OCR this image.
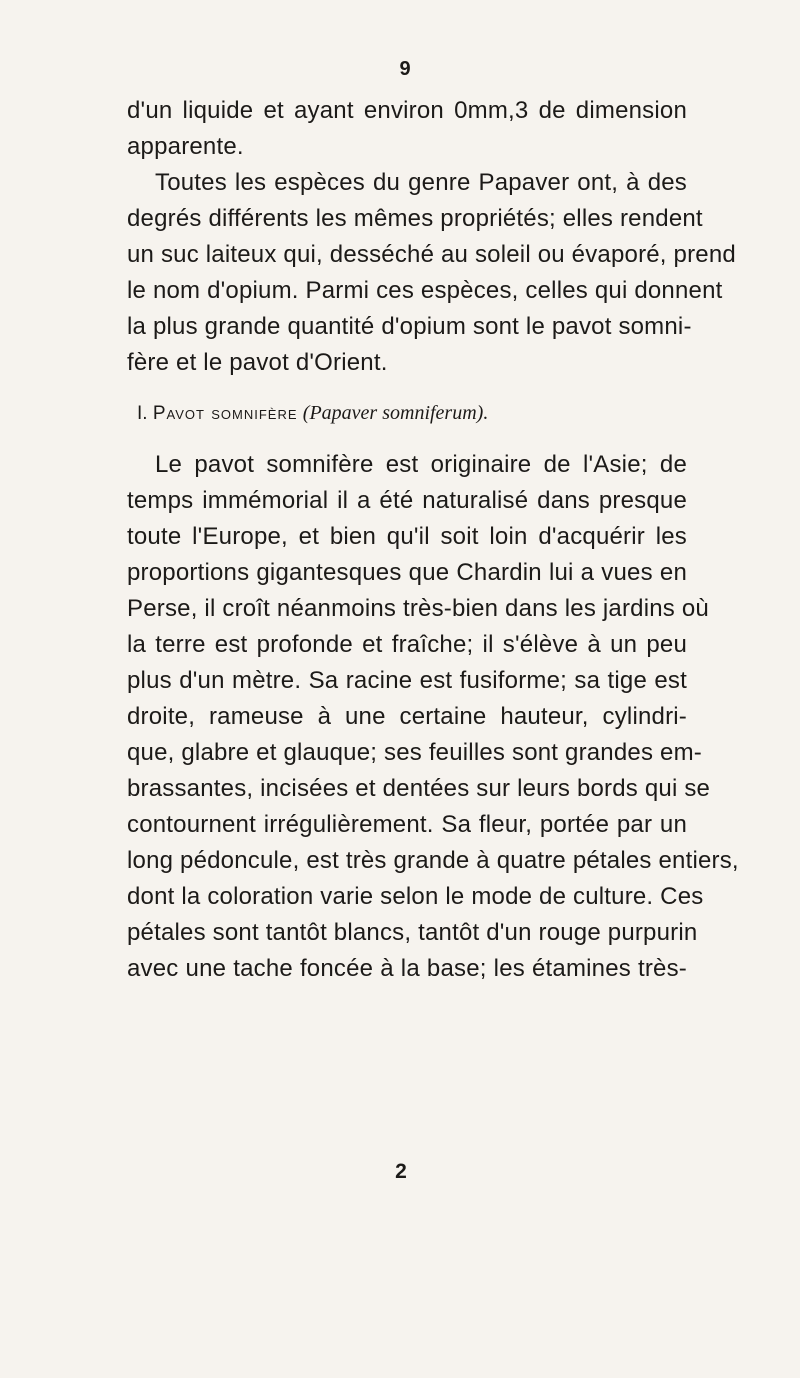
9
d'un liquide et ayant environ 0mm,3 de dimension
apparente.
Toutes les espèces du genre Papaver ont, à des
degrés différents les mêmes propriétés; elles rendent
un suc laiteux qui, desséché au soleil ou évaporé, prend
le nom d'opium. Parmi ces espèces, celles qui donnent
la plus grande quantité d'opium sont le pavot somni-
fère et le pavot d'Orient.
I. Pavot somnifère (Papaver somniferum).
Le pavot somnifère est originaire de l'Asie; de
temps immémorial il a été naturalisé dans presque
toute l'Europe, et bien qu'il soit loin d'acquérir les
proportions gigantesques que Chardin lui a vues en
Perse, il croît néanmoins très-bien dans les jardins où
la terre est profonde et fraîche; il s'élève à un peu
plus d'un mètre. Sa racine est fusiforme; sa tige est
droite, rameuse à une certaine hauteur, cylindri-
que, glabre et glauque; ses feuilles sont grandes em-
brassantes, incisées et dentées sur leurs bords qui se
contournent irrégulièrement. Sa fleur, portée par un
long pédoncule, est très grande à quatre pétales entiers,
dont la coloration varie selon le mode de culture. Ces
pétales sont tantôt blancs, tantôt d'un rouge purpurin
avec une tache foncée à la base; les étamines très-
2
